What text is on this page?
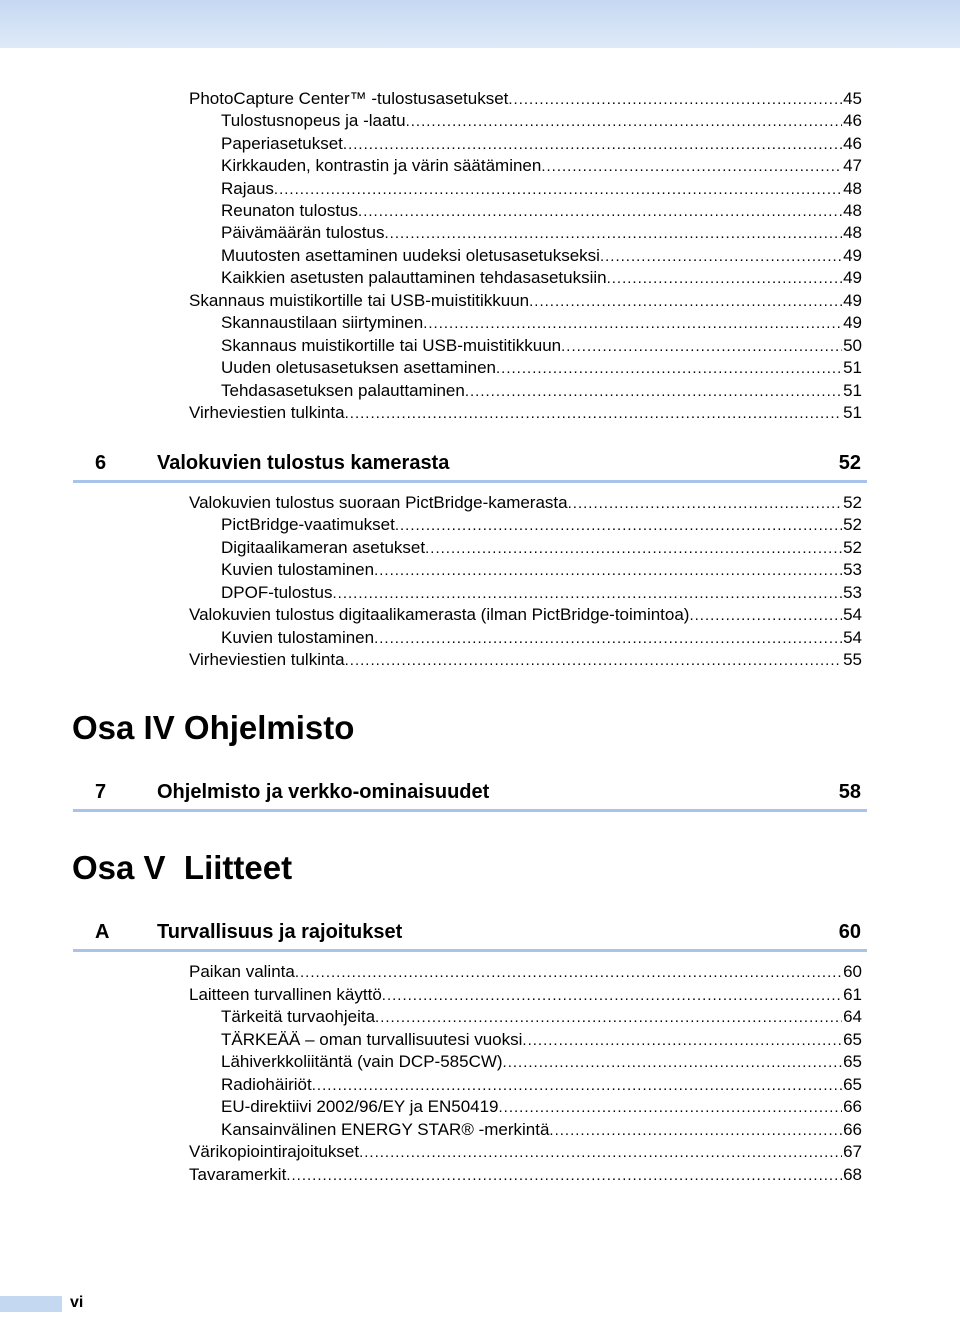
PhotoCapture Center™ -tulostusasetukset .....	45
Tulostusnopeus ja -laatu .....	46
Paperiasetukset .....	46
Kirkkauden, kontrastin ja värin säätäminen .....	47
Rajaus .....	48
Reunaton tulostus .....	48
Päivämäärän tulostus .....	48
Muutosten asettaminen uudeksi oletusasetukseksi .....	49
Kaikkien asetusten palauttaminen tehdasasetuksiin .....	49
Skannaus muistikortille tai USB-muistitikkuun .....	49
Skannaustilaan siirtyminen .....	49
Skannaus muistikortille tai USB-muistitikkuun .....	50
Uuden oletusasetuksen asettaminen .....	51
Tehdasasetuksen palauttaminen .....	51
Virheviestien tulkinta .....	51
6	Valokuvien tulostus kamerasta	52
Valokuvien tulostus suoraan PictBridge-kamerasta .....	52
PictBridge-vaatimukset .....	52
Digitaalikameran asetukset .....	52
Kuvien tulostaminen .....	53
DPOF-tulostus .....	53
Valokuvien tulostus digitaalikamerasta (ilman PictBridge-toimintoa) .....	54
Kuvien tulostaminen .....	54
Virheviestien tulkinta .....	55
Osa IV Ohjelmisto
7	Ohjelmisto ja verkko-ominaisuudet	58
Osa V Liitteet
A Turvallisuus ja rajoitukset	60
Paikan valinta .....	60
Laitteen turvallinen käyttö .....	61
Tärkeitä turvaohjeita .....	64
TÄRKEÄÄ – oman turvallisuutesi vuoksi .....	65
Lähiverkkoliitäntä (vain DCP-585CW) .....	65
Radiohäiriöt .....	65
EU-direktiivi 2002/96/EY ja EN50419 .....	66
Kansainvälinen ENERGY STAR® -merkintä .....	66
Värikopiointirajoitukset .....	67
Tavaramerkit .....	68
vi
